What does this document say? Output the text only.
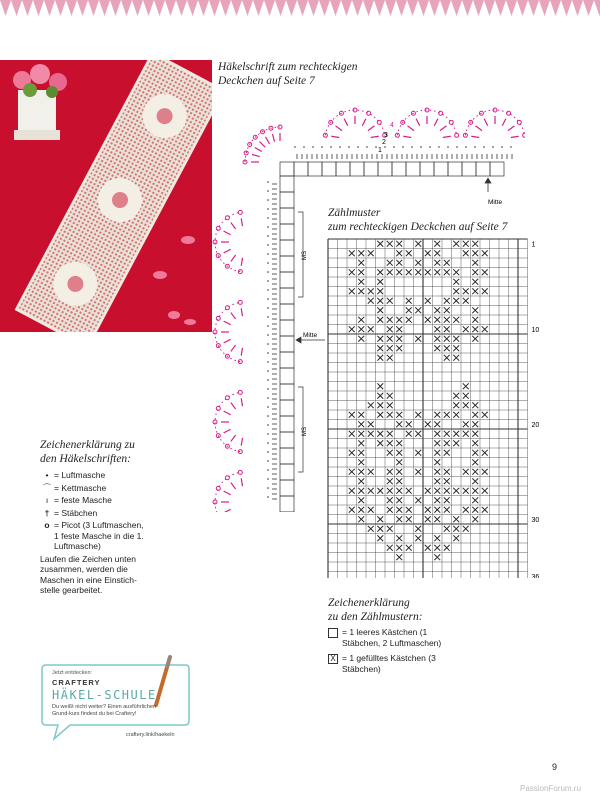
Häkelschrift zum rechteckigen
Deckchen auf Seite 7
Mitte
Mitte
MS
MS
1
2
3
4
Zählmuster
zum rechteckigen Deckchen auf Seite 7
36
30
20
10
1
Zeichenerklärung zu
den Häkelschriften:
• = Luftmasche
⌒ = Kettmasche
ı = feste Masche
† = Stäbchen
o = Picot (3 Luftmaschen, 1 feste Masche in die 1. Luftmasche)
Laufen die Zeichen unten zusammen, werden die Maschen in eine Einstich-stelle gearbeitet.
Zeichenerklärung
zu den Zählmustern:
= 1 leeres Kästchen (1 Stäbchen, 2 Luftmaschen)
X = 1 gefülltes Kästchen (3 Stäbchen)
Jetzt entdecken:
CRAFTERY
HÄKEL-SCHULE
Du weißt nicht weiter? Einen ausführlichen Grund-kurs findest du bei Craftery!
craftery.link/haekeln
9
PassionForum.ru
